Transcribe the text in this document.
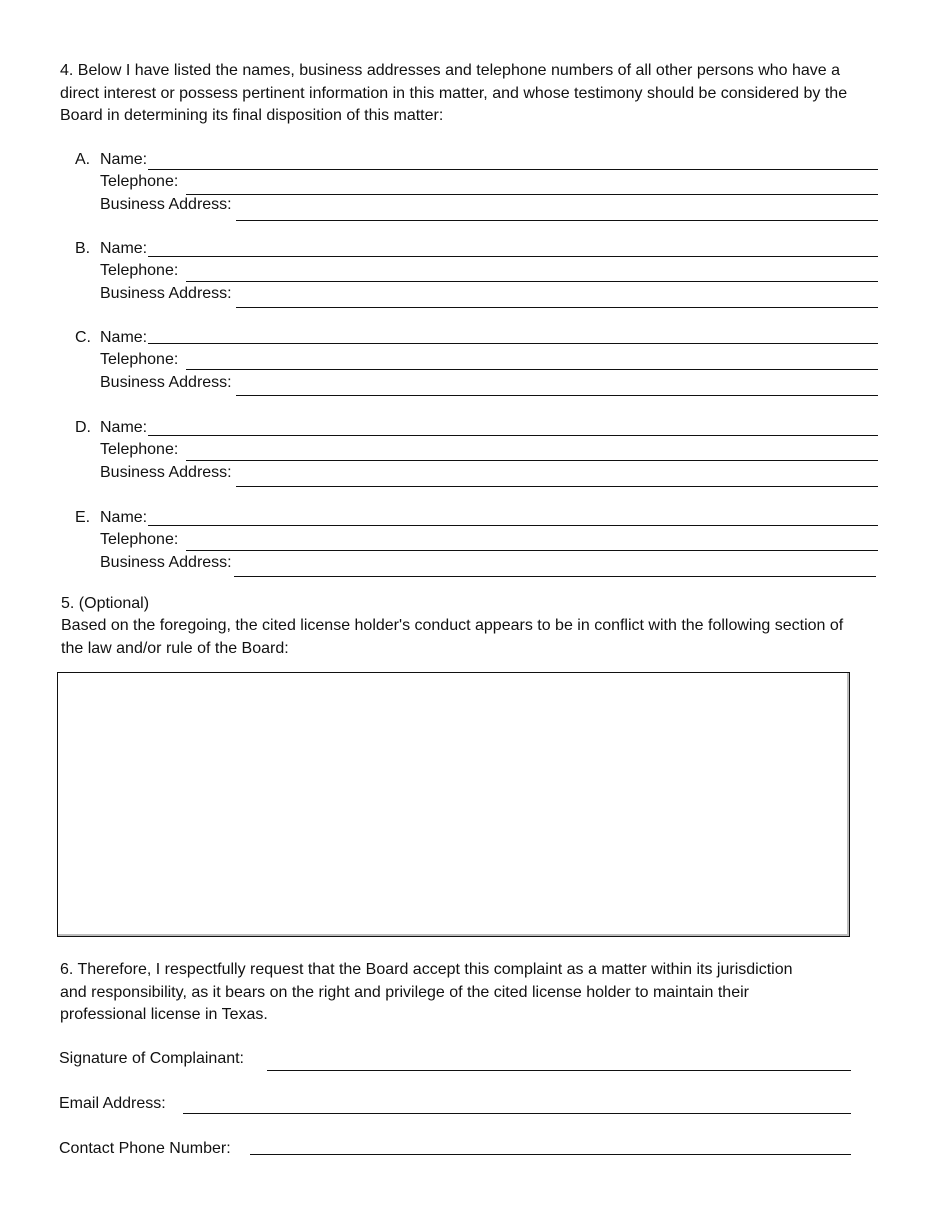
4. Below I have listed the names, business addresses and telephone numbers of all other persons who have a direct interest or possess pertinent information in this matter, and whose testimony should be considered by the Board in determining its final disposition of this matter:

A. Name:
Telephone:
Business Address:
B. Name:
Telephone:
Business Address:
C. Name:
Telephone:
Business Address:
D. Name:
Telephone:
Business Address:
E. Name:
Telephone:
Business Address:

5. (Optional)

Based on the foregoing, the cited license holder's conduct appears to be in conflict with the following section of the law and/or rule of the Board:

6. Therefore, I respectfully request that the Board accept this complaint as a matter within its jurisdiction and responsibility, as it bears on the right and privilege of the cited license holder to maintain their professional license in Texas.

Signature of Complainant:
Email Address:
Contact Phone Number:
